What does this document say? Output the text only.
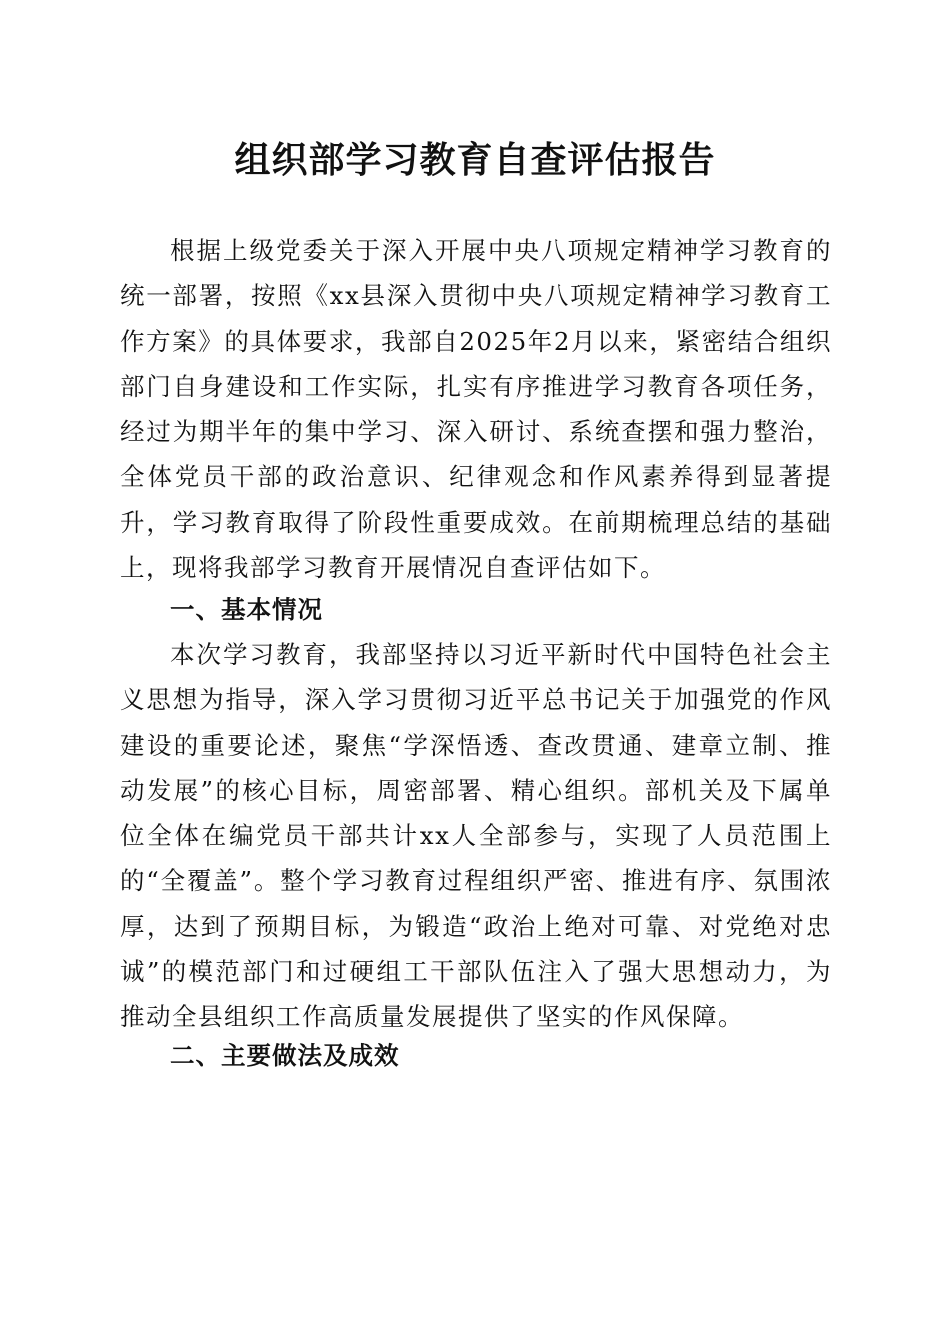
组织部学习教育自查评估报告

根据上级党委关于深入开展中央八项规定精神学习教育的统一部署，按照《xx县深入贯彻中央八项规定精神学习教育工作方案》的具体要求，我部自2025年2月以来，紧密结合组织部门自身建设和工作实际，扎实有序推进学习教育各项任务，经过为期半年的集中学习、深入研讨、系统查摆和强力整治，全体党员干部的政治意识、纪律观念和作风素养得到显著提升，学习教育取得了阶段性重要成效。在前期梳理总结的基础上，现将我部学习教育开展情况自查评估如下。

一、基本情况

本次学习教育，我部坚持以习近平新时代中国特色社会主义思想为指导，深入学习贯彻习近平总书记关于加强党的作风建设的重要论述，聚焦“学深悟透、查改贯通、建章立制、推动发展”的核心目标，周密部署、精心组织。部机关及下属单位全体在编党员干部共计xx人全部参与，实现了人员范围上的“全覆盖”。整个学习教育过程组织严密、推进有序、氛围浓厚，达到了预期目标，为锻造“政治上绝对可靠、对党绝对忠诚”的模范部门和过硬组工干部队伍注入了强大思想动力，为推动全县组织工作高质量发展提供了坚实的作风保障。

二、主要做法及成效
